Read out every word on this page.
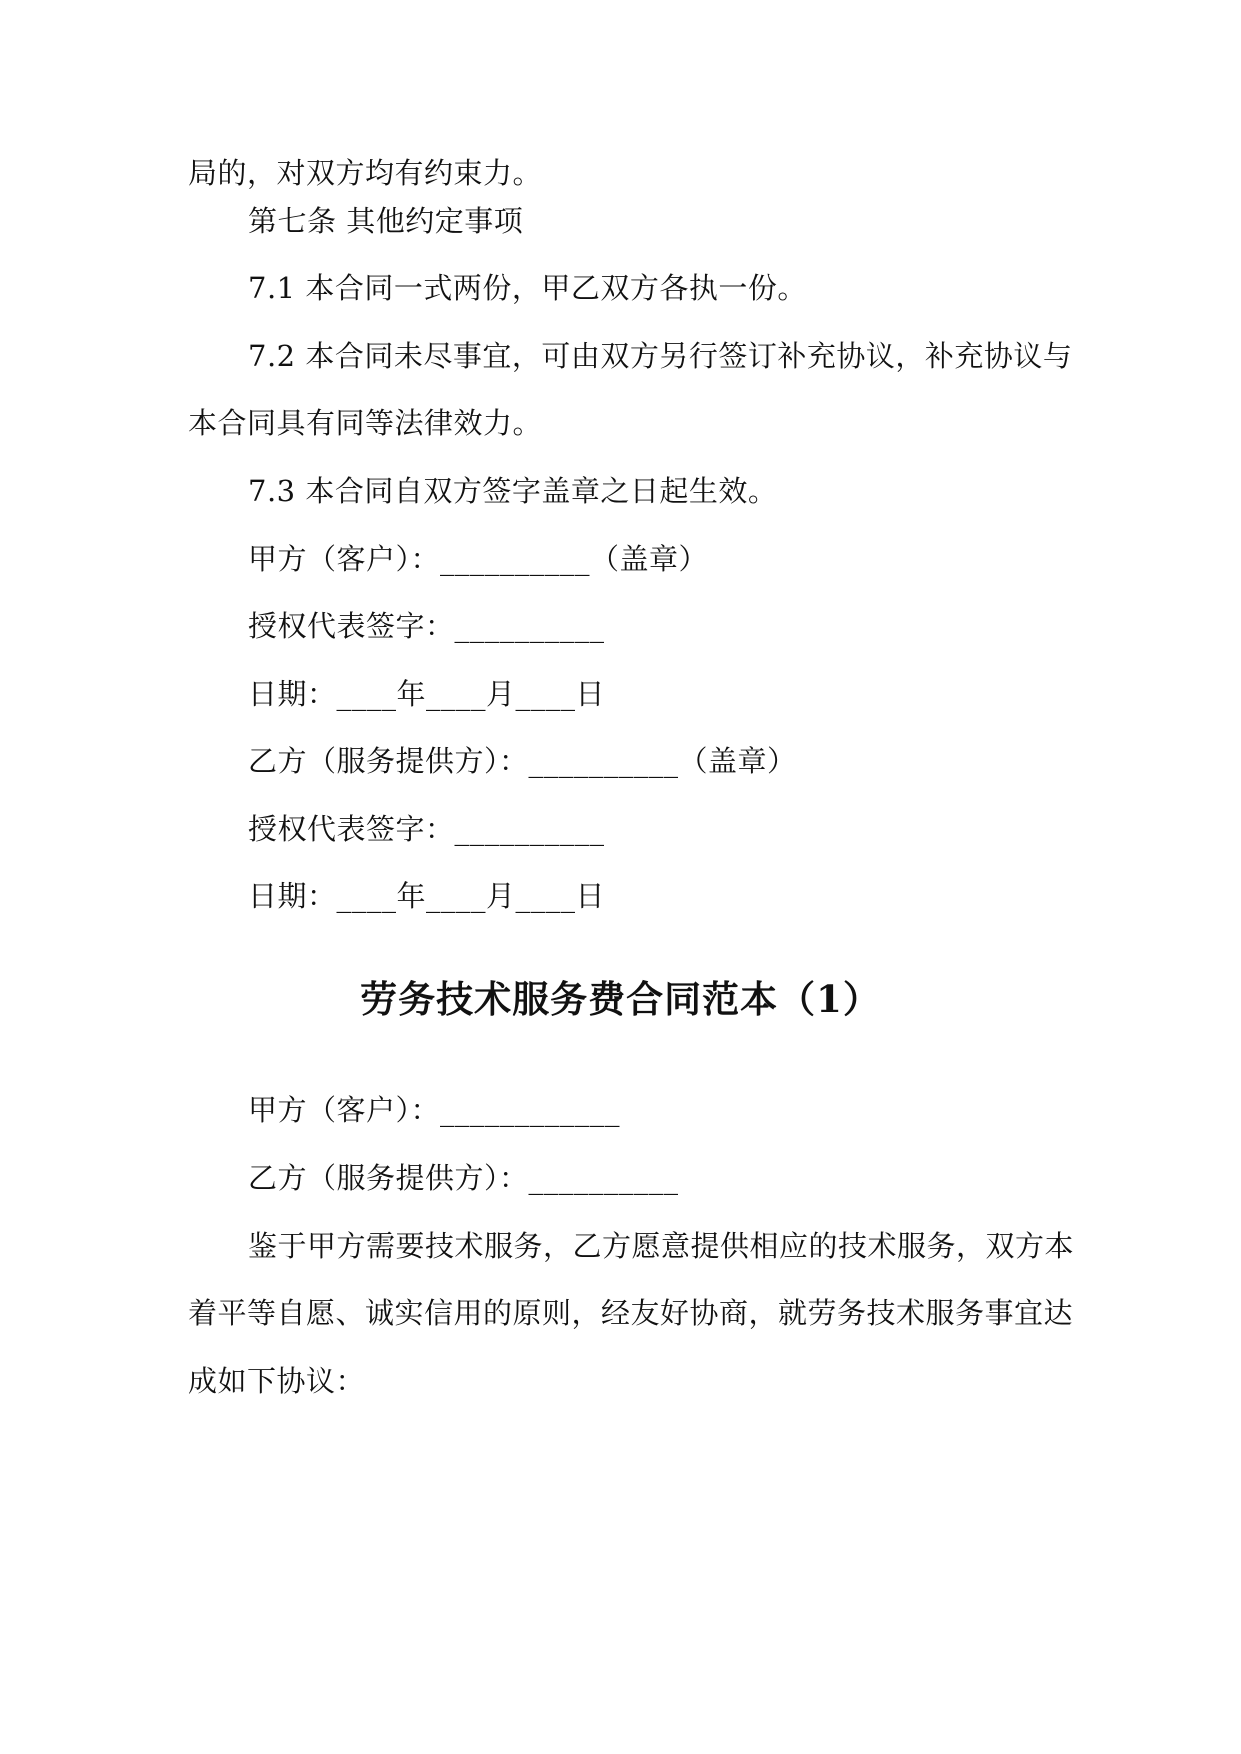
局的，对双方均有约束力。
第七条 其他约定事项
7.1 本合同一式两份，甲乙双方各执一份。
7.2 本合同未尽事宜，可由双方另行签订补充协议，补充协议与
本合同具有同等法律效力。
7.3 本合同自双方签字盖章之日起生效。
甲方（客户）：__________（盖章）
授权代表签字：__________
日期：____年____月____日
乙方（服务提供方）：__________（盖章）
授权代表签字：__________
日期：____年____月____日
劳务技术服务费合同范本（1）
甲方（客户）：____________
乙方（服务提供方）：__________
鉴于甲方需要技术服务，乙方愿意提供相应的技术服务，双方本
着平等自愿、诚实信用的原则，经友好协商，就劳务技术服务事宜达
成如下协议：
